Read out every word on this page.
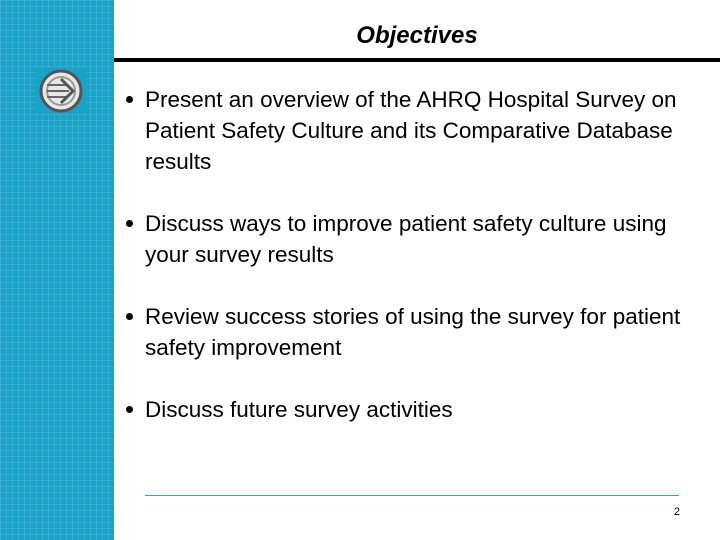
Objectives
Present an overview of the AHRQ Hospital Survey on Patient Safety Culture and its Comparative Database results
Discuss ways to improve patient safety culture using your survey results
Review success stories of using the survey for patient safety improvement
Discuss future survey activities
2
